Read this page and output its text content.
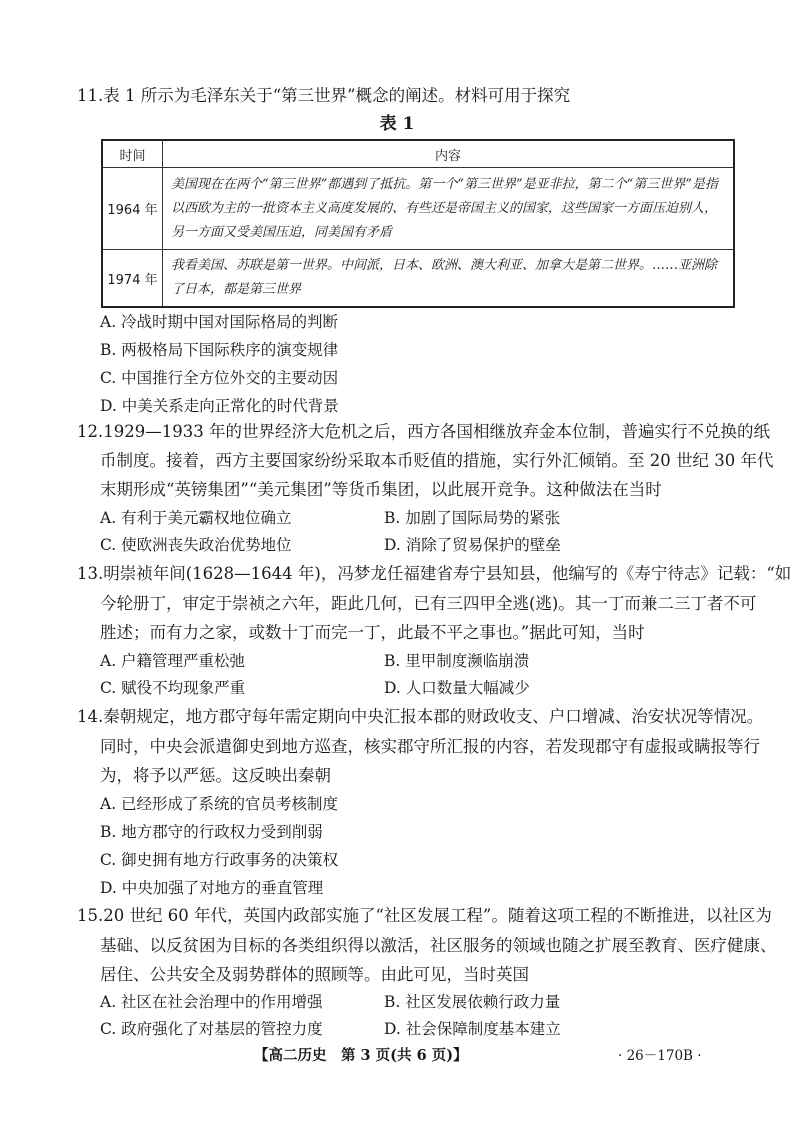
11.表 1 所示为毛泽东关于“第三世界”概念的阐述。材料可用于探究
表 1
时间	内容
1964 年	美国现在在两个“第三世界”都遇到了抵抗。第一个“第三世界”是亚非拉，第二个“第三世界”是指以西欧为主的一批资本主义高度发展的、有些还是帝国主义的国家，这些国家一方面压迫别人，另一方面又受美国压迫，同美国有矛盾
1974 年	我看美国、苏联是第一世界。中间派，日本、欧洲、澳大利亚、加拿大是第二世界。……亚洲除了日本，都是第三世界
A. 冷战时期中国对国际格局的判断
B. 两极格局下国际秩序的演变规律
C. 中国推行全方位外交的主要动因
D. 中美关系走向正常化的时代背景
12.1929—1933 年的世界经济大危机之后，西方各国相继放弃金本位制，普遍实行不兑换的纸
币制度。接着，西方主要国家纷纷采取本币贬值的措施，实行外汇倾销。至 20 世纪 30 年代
末期形成“英镑集团”“美元集团”等货币集团，以此展开竞争。这种做法在当时
A. 有利于美元霸权地位确立	B. 加剧了国际局势的紧张
C. 使欧洲丧失政治优势地位	D. 消除了贸易保护的壁垒
13.明崇祯年间(1628—1644 年)，冯梦龙任福建省寿宁县知县，他编写的《寿宁待志》记载：“如
今轮册丁，审定于崇祯之六年，距此几何，已有三四甲全逃(逃)。其一丁而兼二三丁者不可
胜述；而有力之家，或数十丁而完一丁，此最不平之事也。”据此可知，当时
A. 户籍管理严重松弛	B. 里甲制度濒临崩溃
C. 赋役不均现象严重	D. 人口数量大幅减少
14.秦朝规定，地方郡守每年需定期向中央汇报本郡的财政收支、户口增减、治安状况等情况。
同时，中央会派遣御史到地方巡查，核实郡守所汇报的内容，若发现郡守有虚报或瞒报等行
为，将予以严惩。这反映出秦朝
A. 已经形成了系统的官员考核制度
B. 地方郡守的行政权力受到削弱
C. 御史拥有地方行政事务的决策权
D. 中央加强了对地方的垂直管理
15.20 世纪 60 年代，英国内政部实施了“社区发展工程”。随着这项工程的不断推进，以社区为
基础、以反贫困为目标的各类组织得以激活，社区服务的领域也随之扩展至教育、医疗健康、
居住、公共安全及弱势群体的照顾等。由此可见，当时英国
A. 社区在社会治理中的作用增强	B. 社区发展依赖行政力量
C. 政府强化了对基层的管控力度	D. 社会保障制度基本建立
【高二历史　第 3 页(共 6 页)】	· 26－170B ·
